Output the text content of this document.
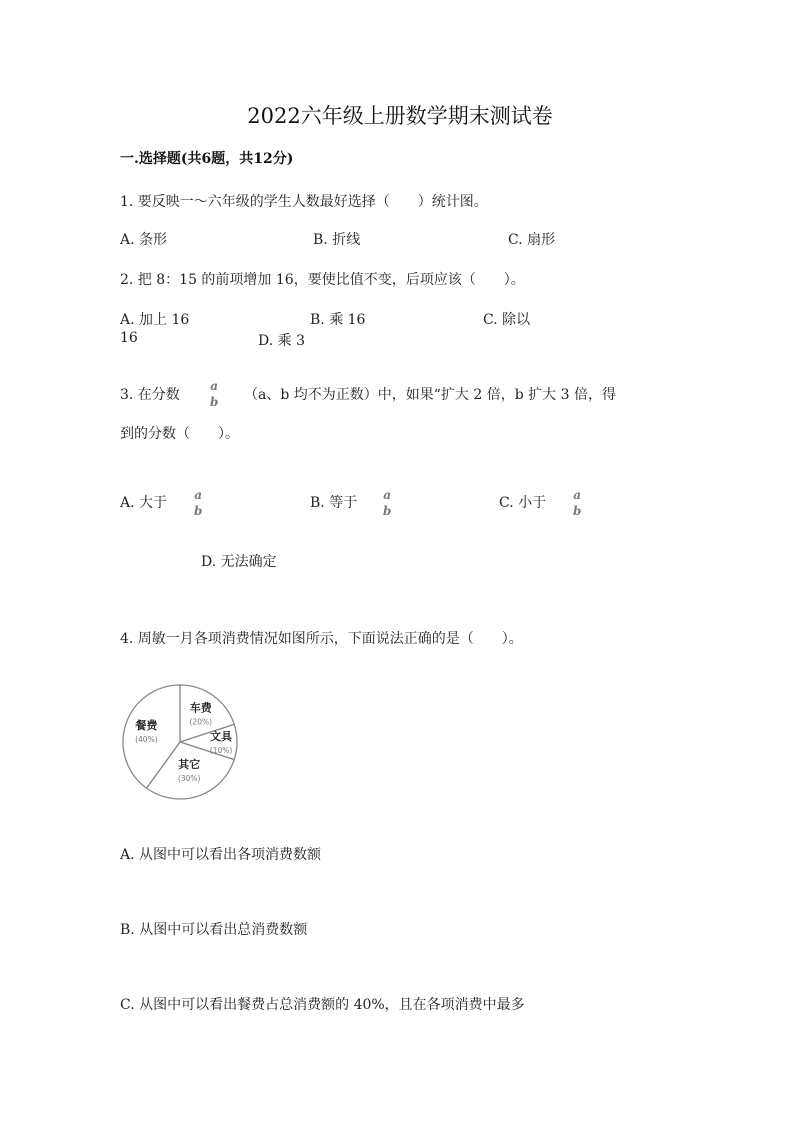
2022六年级上册数学期末测试卷
一.选择题(共6题，共12分)
1. 要反映一～六年级的学生人数最好选择（　　）统计图。
A. 条形	B. 折线	C. 扇形
2. 把 8：15 的前项增加 16，要使比值不变，后项应该（　　）。
A. 加上 16	B. 乘 16	C. 除以
16	D. 乘 3
3. 在分数
a
b （a、b 均不为正数）中，如果“扩大 2 倍，b 扩大 3 倍，得
到的分数（　　）。
A. 大于 a
b	B. 等于 a
b	C. 小于 a
b
D. 无法确定
4. 周敏一月各项消费情况如图所示，下面说法正确的是（　　）。
车费
(20%)
文具
(10%)
其它
(30%)
餐费
(40%)
A. 从图中可以看出各项消费数额
B. 从图中可以看出总消费数额
C. 从图中可以看出餐费占总消费额的 40%，且在各项消费中最多
